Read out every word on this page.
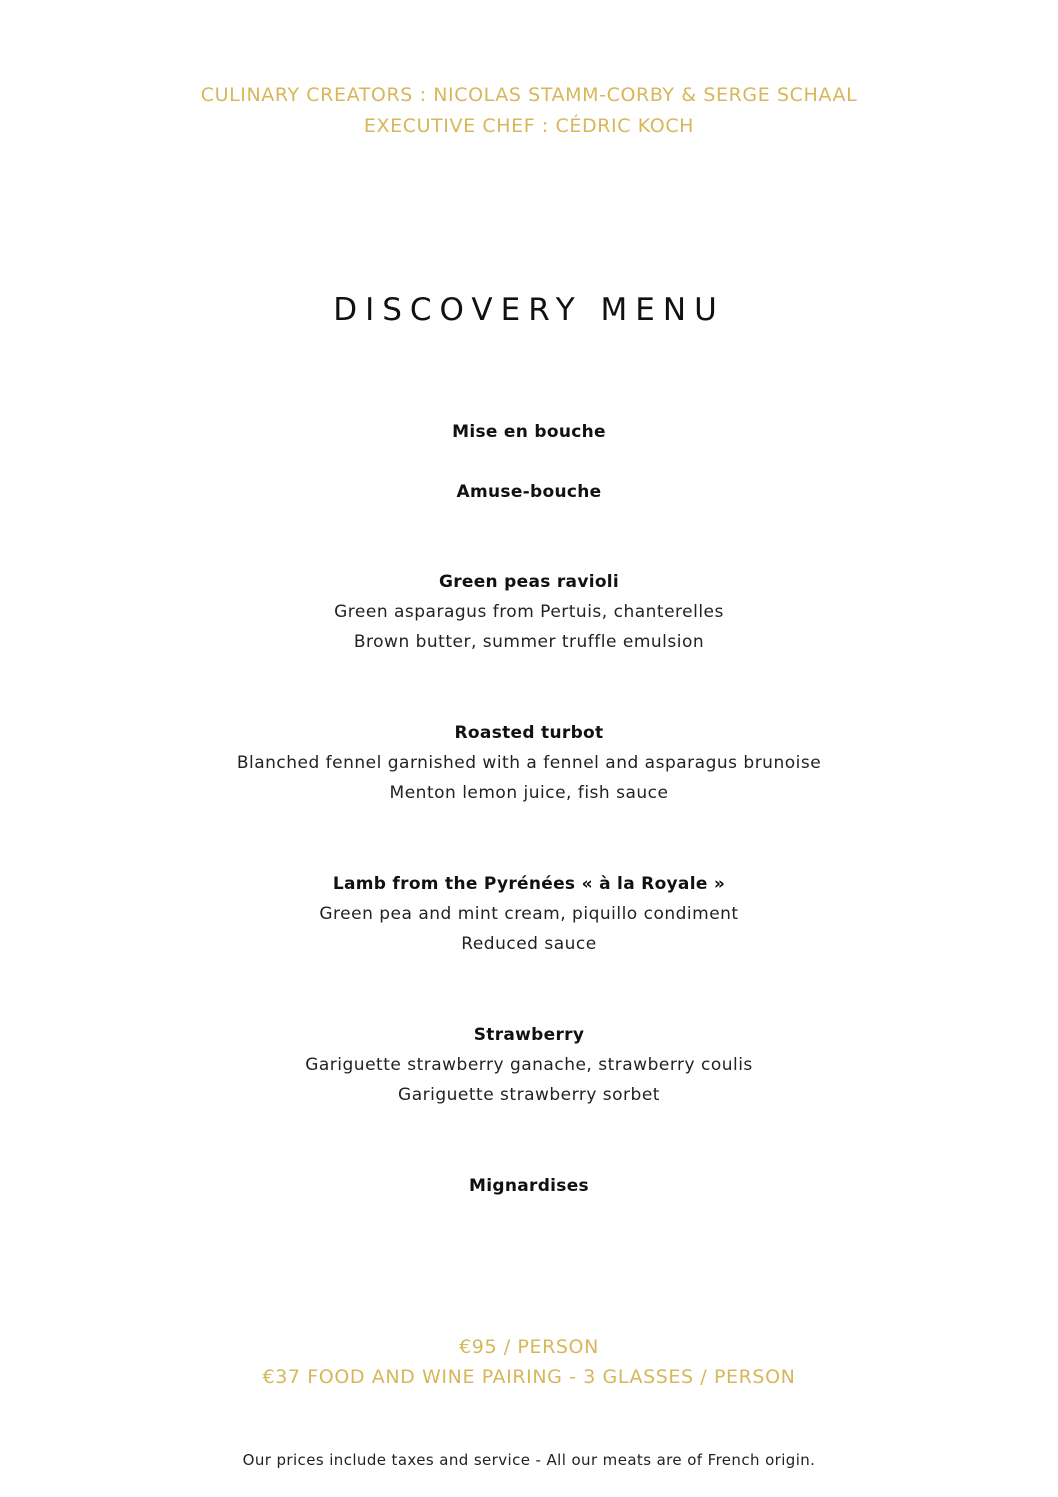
CULINARY CREATORS : NICOLAS STAMM-CORBY & SERGE SCHAAL
EXECUTIVE CHEF : CÉDRIC KOCH
DISCOVERY MENU
Mise en bouche
Amuse-bouche
Green peas ravioli
Green asparagus from Pertuis, chanterelles
Brown butter, summer truffle emulsion
Roasted turbot
Blanched fennel garnished with a fennel and asparagus brunoise
Menton lemon juice, fish sauce
Lamb from the Pyrénées « à la Royale »
Green pea and mint cream, piquillo condiment
Reduced sauce
Strawberry
Gariguette strawberry ganache, strawberry coulis
Gariguette strawberry sorbet
Mignardises
€95 / PERSON
€37 FOOD AND WINE PAIRING - 3 GLASSES / PERSON
Our prices include taxes and service - All our meats are of French origin.
